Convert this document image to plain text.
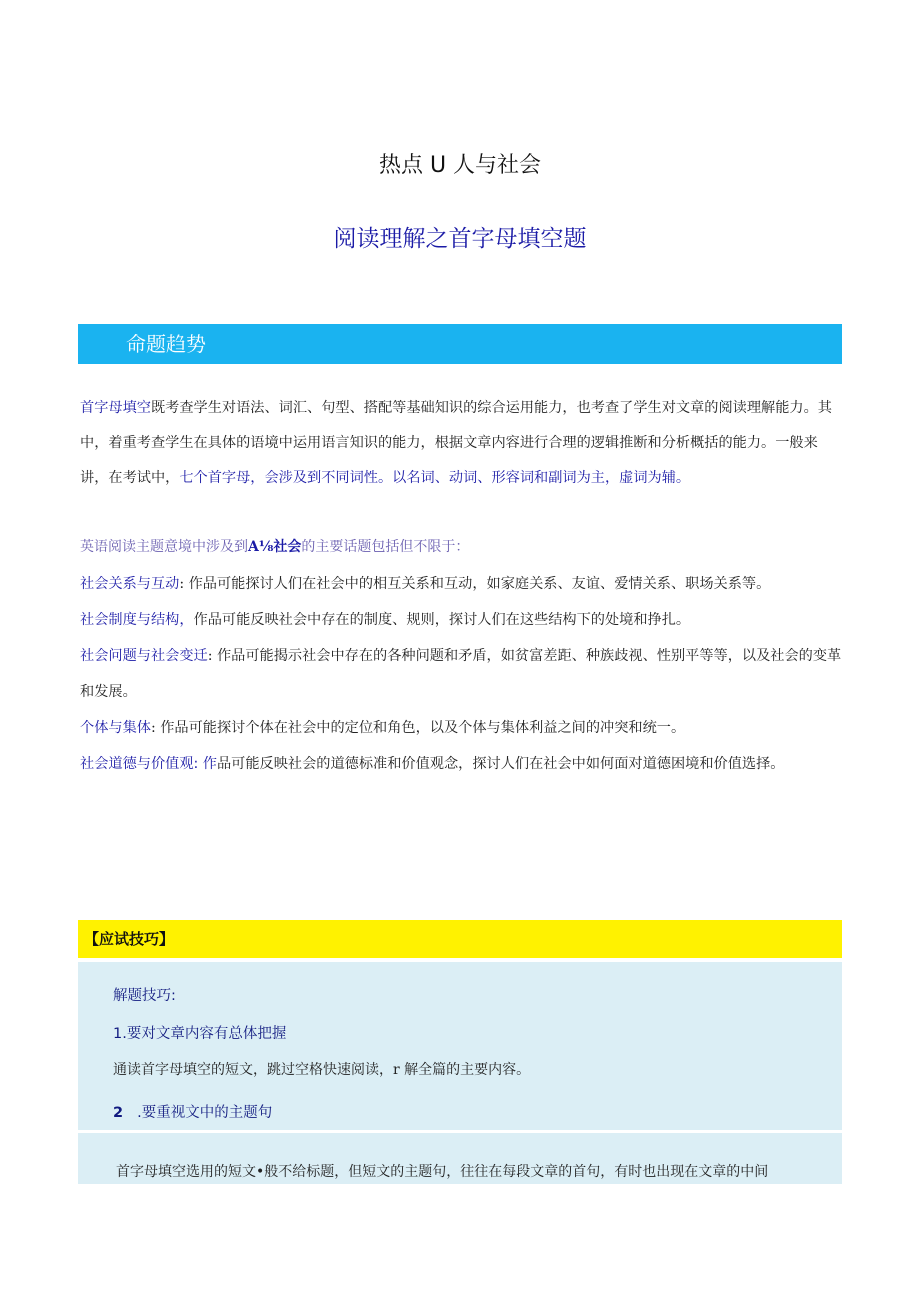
热点 U 人与社会
阅读理解之首字母填空题
命题趋势
首字母填空既考查学生对语法、词汇、句型、搭配等基础知识的综合运用能力，也考查了学生对文章的阅读理解能力。其中，着重考查学生在具体的语境中运用语言知识的能力，根据文章内容进行合理的逻辑推断和分析概括的能力。一般来讲，在考试中，七个首字母，会涉及到不同词性。以名词、动词、形容词和副词为主，虚词为辅。
英语阅读主题意境中涉及到A⅛社会的主要话题包括但不限于：
社会关系与互动: 作品可能探讨人们在社会中的相互关系和互动，如家庭关系、友谊、爱情关系、职场关系等。
社会制度与结构，作品可能反映社会中存在的制度、规则，探讨人们在这些结构下的处境和挣扎。
社会问题与社会变迁: 作品可能揭示社会中存在的各种问题和矛盾，如贫富差距、种族歧视、性别平等等，以及社会的变革和发展。
个体与集体: 作品可能探讨个体在社会中的定位和角色，以及个体与集体利益之间的冲突和统一。
社会道德与价值观: 作品可能反映社会的道德标准和价值观念，探讨人们在社会中如何面对道德困境和价值选择。
【应试技巧】
解题技巧:
1.要对文章内容有总体把握
通读首字母填空的短文，跳过空格快速阅读，r 解全篇的主要内容。
2 .要重视文中的主题句
首字母填空选用的短文•般不给标题，但短文的主题句，往往在每段文章的首句，有时也出现在文章的中间
